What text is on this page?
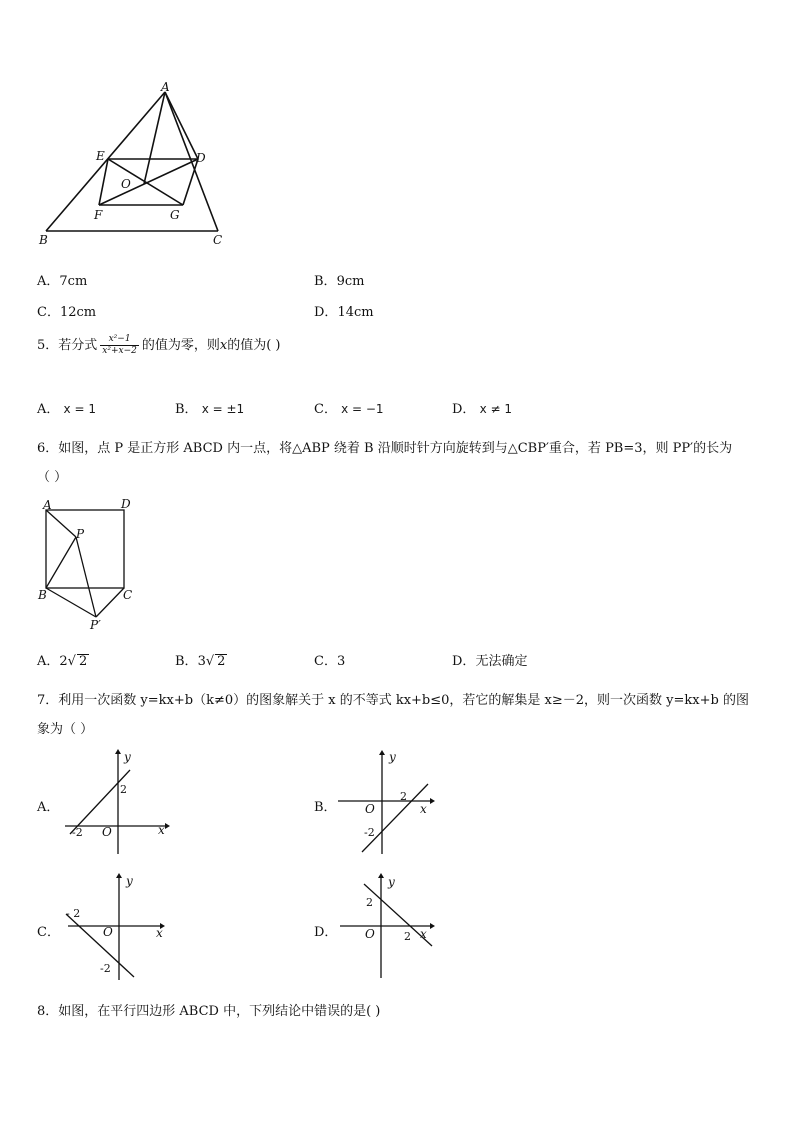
A
B	C
D
E
F	G
O
A．7cm	B．9cm
C．12cm	D．14cm
5．若分式 $\frac{\text{x²−1}}{\text{x²+x−2}}$ 的值为零，则x的值为( )
A． x = 1	B． x = ±1	C． x = −1	D． x ≠ 1
6．如图，点 P 是正方形 ABCD 内一点，将△ABP 绕着 B 沿顺时针方向旋转到与△CBP′重合，若 PB=3，则 PP′的长为
（ ）
A	D
B	C
P
P′
A．2√ 2	B．3√ 2	C．3	D．无法确定
7．利用一次函数 y=kx+b（k≠0）的图象解关于 x 的不等式 kx+b≤0，若它的解集是 x≥－2，则一次函数 y=kx+b 的图
象为（ ）
A．
y
x
O
2
-2
B．
y
x
O
2
-2
C．
y
x
O
- 2
-2
D．
y
x
O
2
2
8．如图，在平行四边形 ABCD 中，下列结论中错误的是( )
